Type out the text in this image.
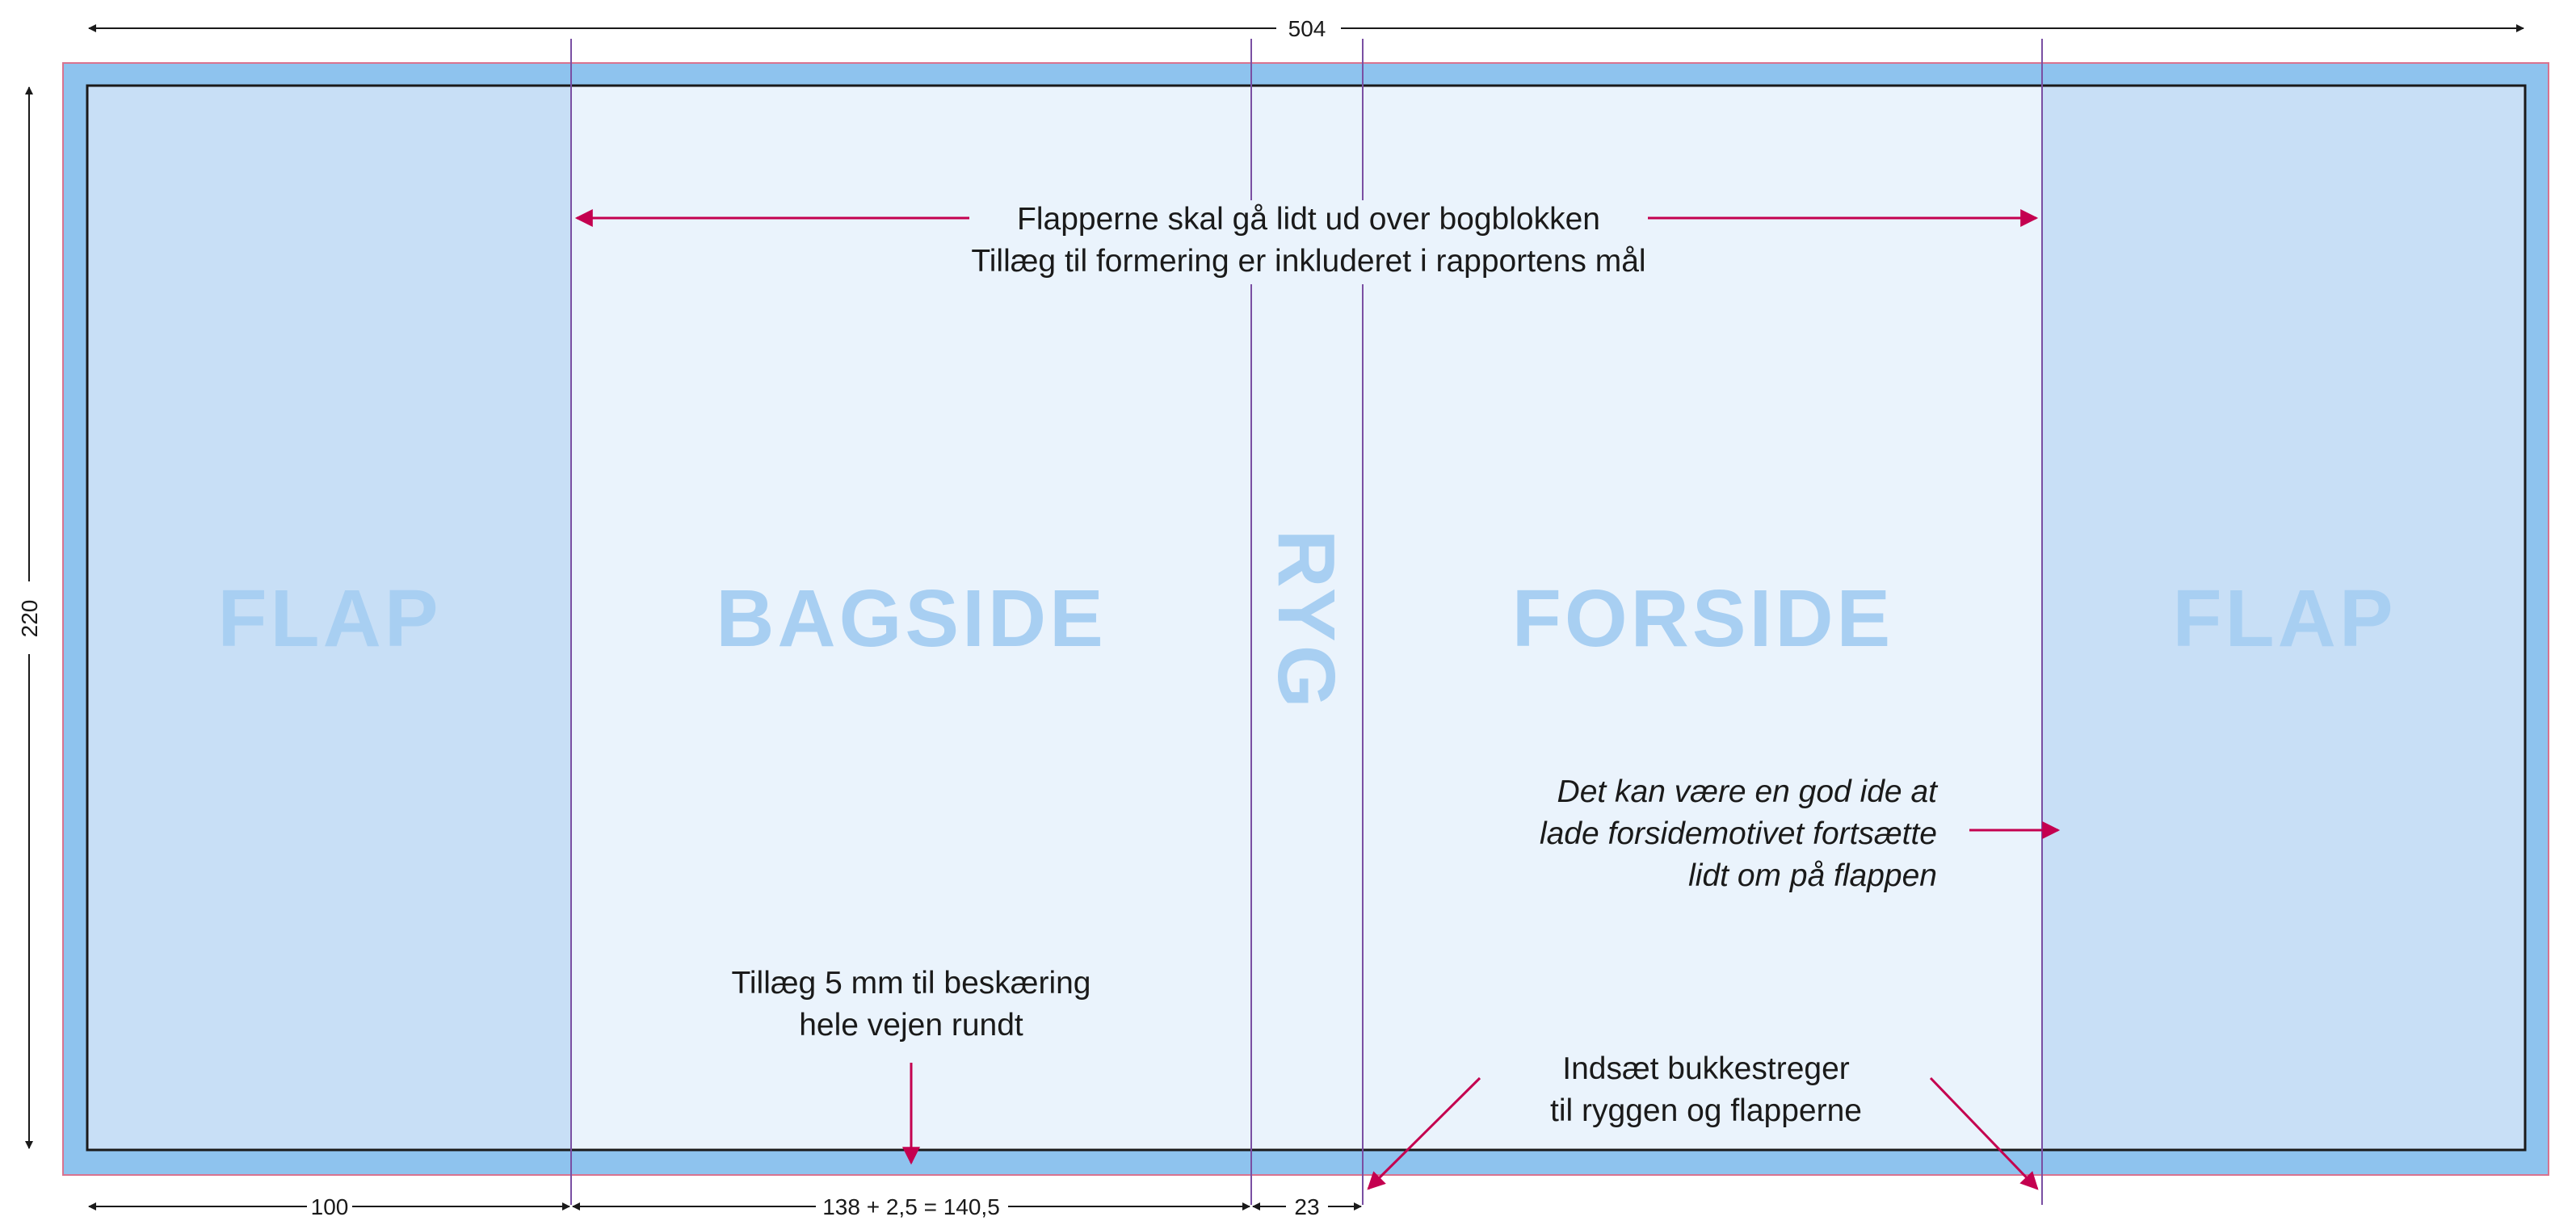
FLAP	BAGSIDE RYG FORSIDE	FLAP
Flapperne skal gå lidt ud over bogblokken
Tillæg til formering er inkluderet i rapportens mål
Det kan være en god ide at
lade forsidemotivet fortsætte
lidt om på flappen
Tillæg 5 mm til beskæring
hele vejen rundt
Indsæt bukkestreger
til ryggen og flapperne
504
220
100	138 + 2,5 = 140,5	23
